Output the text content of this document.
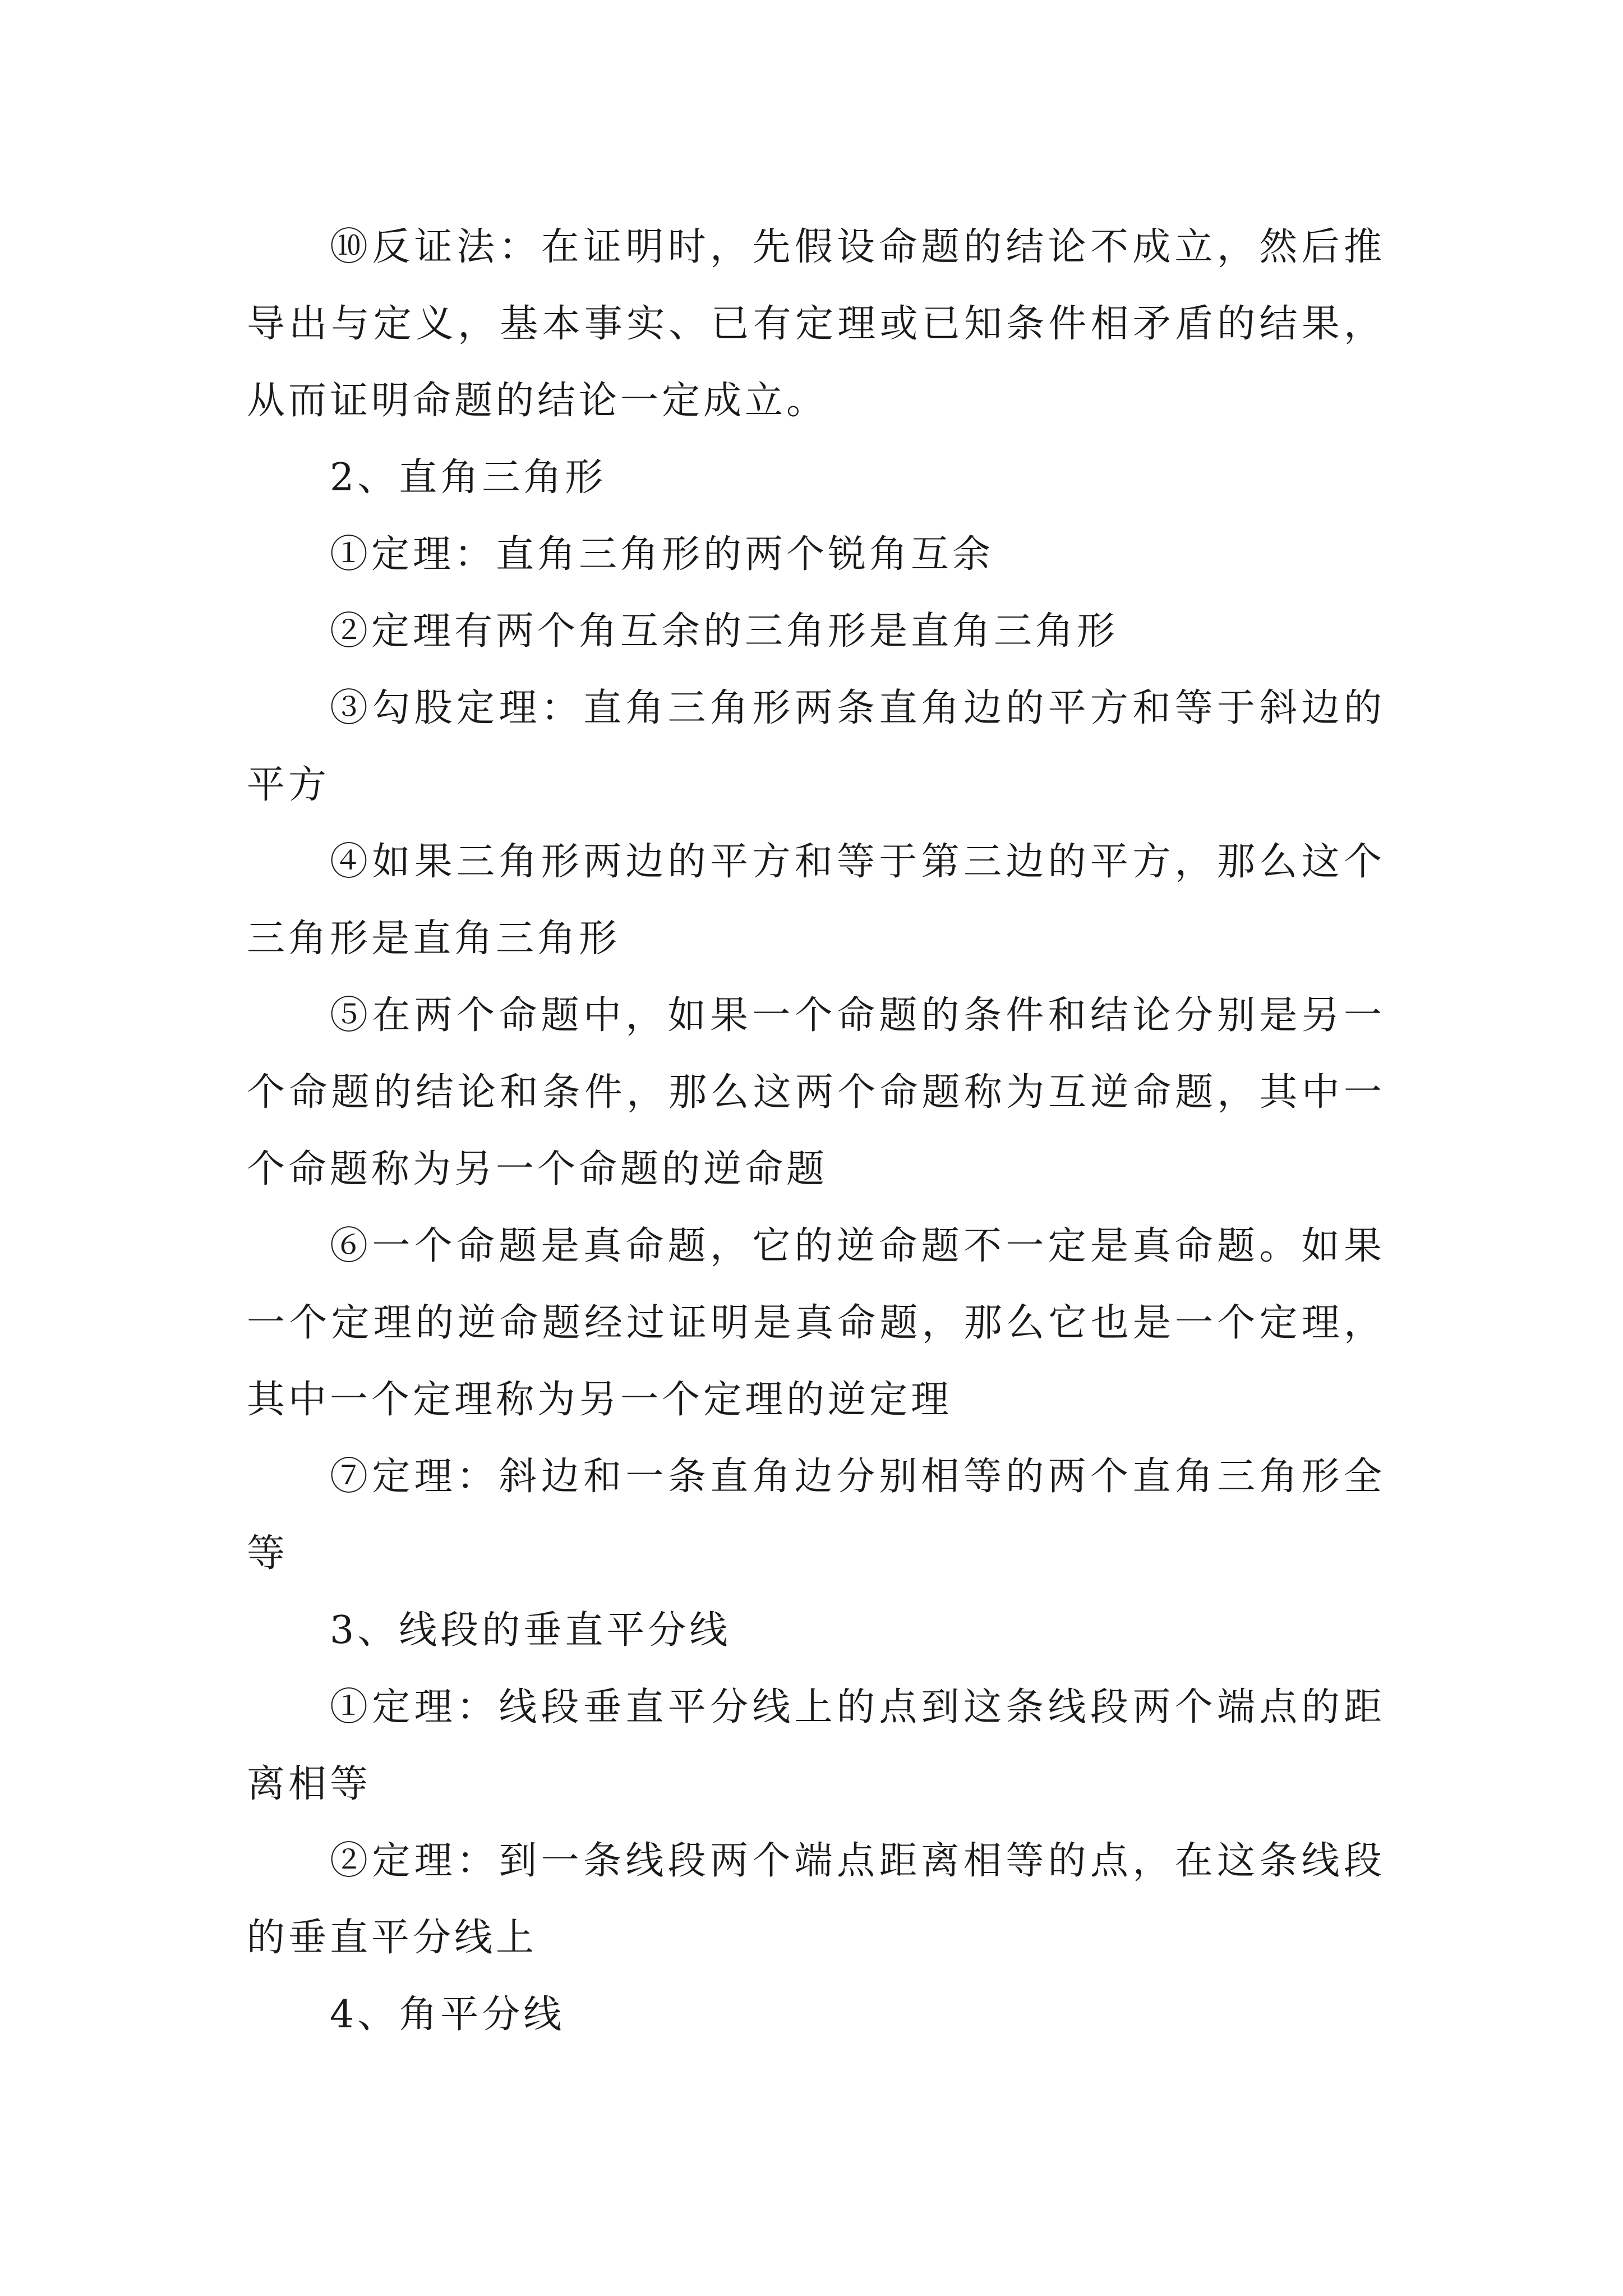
⑩反证法：在证明时，先假设命题的结论不成立，然后推导出与定义，基本事实、已有定理或已知条件相矛盾的结果，从而证明命题的结论一定成立。

2、直角三角形

①定理：直角三角形的两个锐角互余

②定理有两个角互余的三角形是直角三角形

③勾股定理：直角三角形两条直角边的平方和等于斜边的平方

④如果三角形两边的平方和等于第三边的平方，那么这个三角形是直角三角形

⑤在两个命题中，如果一个命题的条件和结论分别是另一个命题的结论和条件，那么这两个命题称为互逆命题，其中一个命题称为另一个命题的逆命题

⑥一个命题是真命题，它的逆命题不一定是真命题。如果一个定理的逆命题经过证明是真命题，那么它也是一个定理，其中一个定理称为另一个定理的逆定理

⑦定理：斜边和一条直角边分别相等的两个直角三角形全等

3、线段的垂直平分线

①定理：线段垂直平分线上的点到这条线段两个端点的距离相等

②定理：到一条线段两个端点距离相等的点，在这条线段的垂直平分线上

4、角平分线
